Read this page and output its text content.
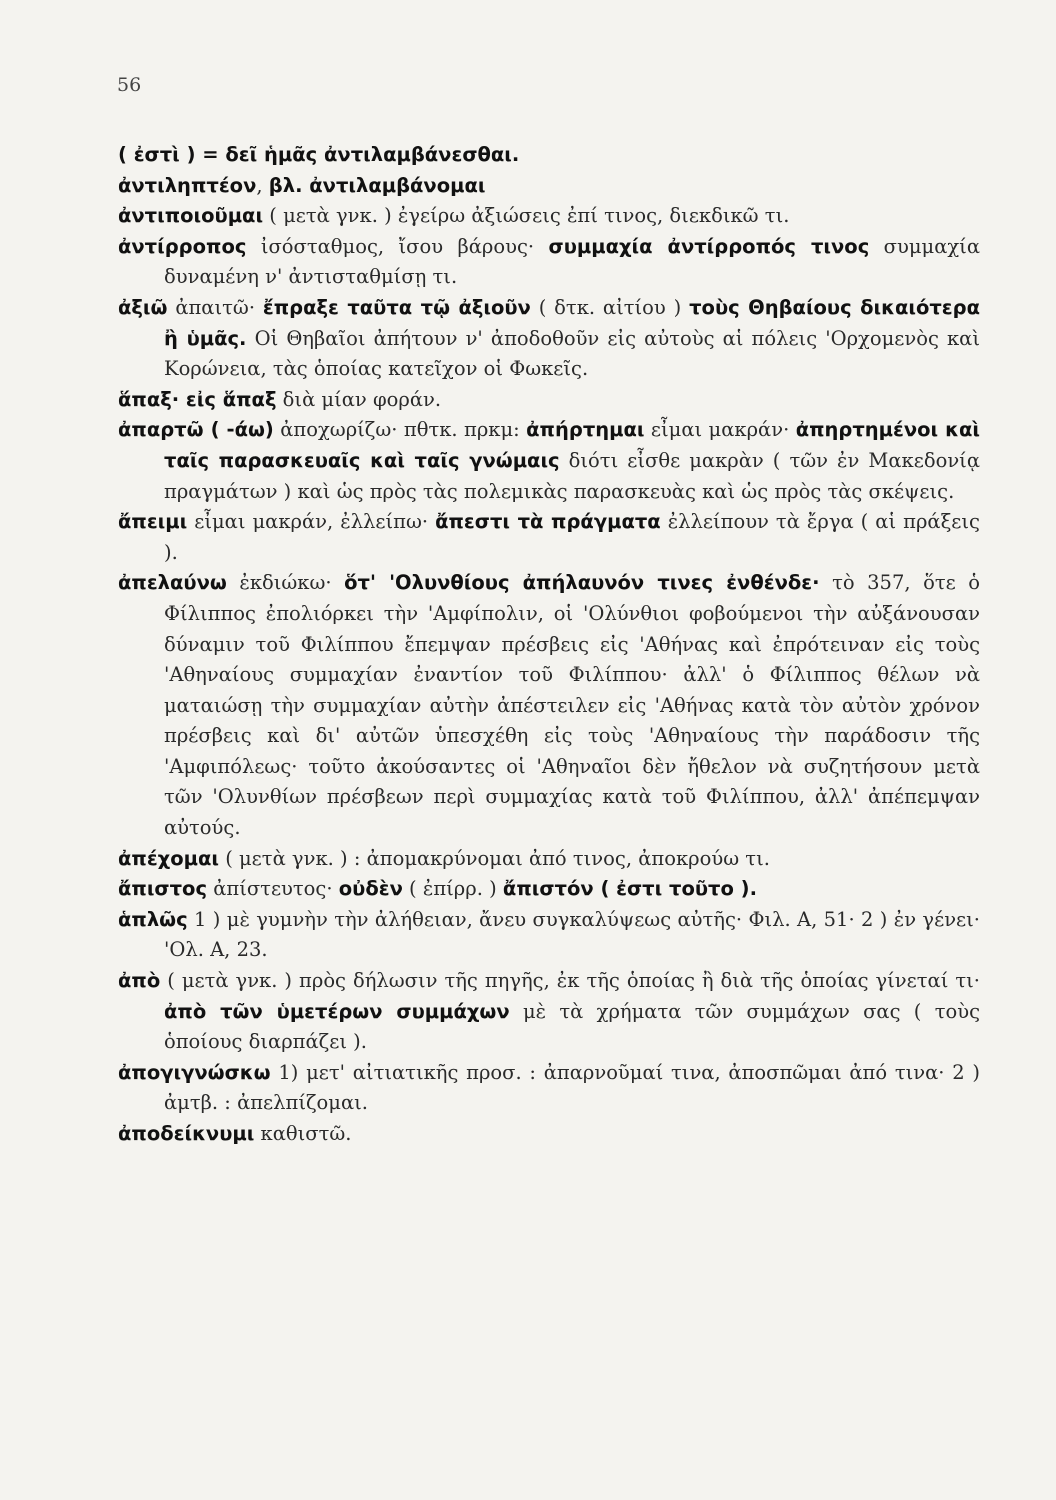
56

( ἐστὶ ) = δεῖ ἡμᾶς ἀντιλαμβάνεσθαι.

ἀντιληπτέον, βλ. ἀντιλαμβάνομαι

ἀντιποιοῦμαι ( μετὰ γνκ. ) ἐγείρω ἀξιώσεις ἐπί τινος, διεκδικῶ τι.

ἀντίρροπος ἰσόσταθμος, ἴσου βάρους· συμμαχία ἀντίρροπός τινος συμμαχία δυναμένη ν' ἀντισταθμίσῃ τι.

ἀξιῶ ἀπαιτῶ· ἔπραξε ταῦτα τῷ ἀξιοῦν ( δτκ. αἰτίου ) τοὺς Θηβαίους δικαιότερα ἢ ὑμᾶς. Οἱ Θηβαῖοι ἀπήτουν ν' ἀποδοθοῦν εἰς αὐτοὺς αἱ πόλεις 'Ορχομενὸς καὶ Κορώνεια, τὰς ὁποίας κατεῖχον οἱ Φωκεῖς.

ἅπαξ· εἰς ἅπαξ διὰ μίαν φοράν.

ἀπαρτῶ ( -άω) ἀποχωρίζω· πθτκ. πρκμ: ἀπήρτημαι εἶμαι μακράν· ἀπηρτημένοι καὶ ταῖς παρασκευαῖς καὶ ταῖς γνώμαις διότι εἶσθε μακρὰν ( τῶν ἐν Μακεδονίᾳ πραγμάτων ) καὶ ὡς πρὸς τὰς πολεμικὰς παρασκευὰς καὶ ὡς πρὸς τὰς σκέψεις.

ἄπειμι εἶμαι μακράν, ἐλλείπω· ἄπεστι τὰ πράγματα ἐλλείπουν τὰ ἔργα ( αἱ πράξεις ).

ἀπελαύνω ἐκδιώκω· ὅτ' 'Ολυνθίους ἀπήλαυνόν τινες ἐνθένδε· τὸ 357, ὅτε ὁ Φίλιππος ἐπολιόρκει τὴν 'Αμφίπολιν, οἱ 'Ολύνθιοι φοβούμενοι τὴν αὐξάνουσαν δύναμιν τοῦ Φιλίππου ἔπεμψαν πρέσβεις εἰς 'Αθήνας καὶ ἐπρότειναν εἰς τοὺς 'Αθηναίους συμμαχίαν ἐναντίον τοῦ Φιλίππου· ἀλλ' ὁ Φίλιππος θέλων νὰ ματαιώσῃ τὴν συμμαχίαν αὐτὴν ἀπέστειλεν εἰς 'Αθήνας κατὰ τὸν αὐτὸν χρόνον πρέσβεις καὶ δι' αὐτῶν ὑπεσχέθη εἰς τοὺς 'Αθηναίους τὴν παράδοσιν τῆς 'Αμφιπόλεως· τοῦτο ἀκούσαντες οἱ 'Αθηναῖοι δὲν ἤθελον νὰ συζητήσουν μετὰ τῶν 'Ολυνθίων πρέσβεων περὶ συμμαχίας κατὰ τοῦ Φιλίππου, ἀλλ' ἀπέπεμψαν αὐτούς.

ἀπέχομαι ( μετὰ γνκ. ) : ἀπομακρύνομαι ἀπό τινος, ἀποκρούω τι.

ἄπιστος ἀπίστευτος· οὐδὲν ( ἐπίρρ. ) ἄπιστόν ( ἐστι τοῦτο ).

ἁπλῶς 1 ) μὲ γυμνὴν τὴν ἀλήθειαν, ἄνευ συγκαλύψεως αὐτῆς· Φιλ. Α, 51· 2 ) ἐν γένει· 'Ολ. Α, 23.

ἀπὸ ( μετὰ γνκ. ) πρὸς δήλωσιν τῆς πηγῆς, ἐκ τῆς ὁποίας ἢ διὰ τῆς ὁποίας γίνεταί τι· ἀπὸ τῶν ὑμετέρων συμμάχων μὲ τὰ χρήματα τῶν συμμάχων σας ( τοὺς ὁποίους διαρπάζει ).

ἀπογιγνώσκω 1) μετ' αἰτιατικῆς προσ. : ἀπαρνοῦμαί τινα, ἀποσπῶμαι ἀπό τινα· 2 ) ἀμτβ. : ἀπελπίζομαι.

ἀποδείκνυμι καθιστῶ.
